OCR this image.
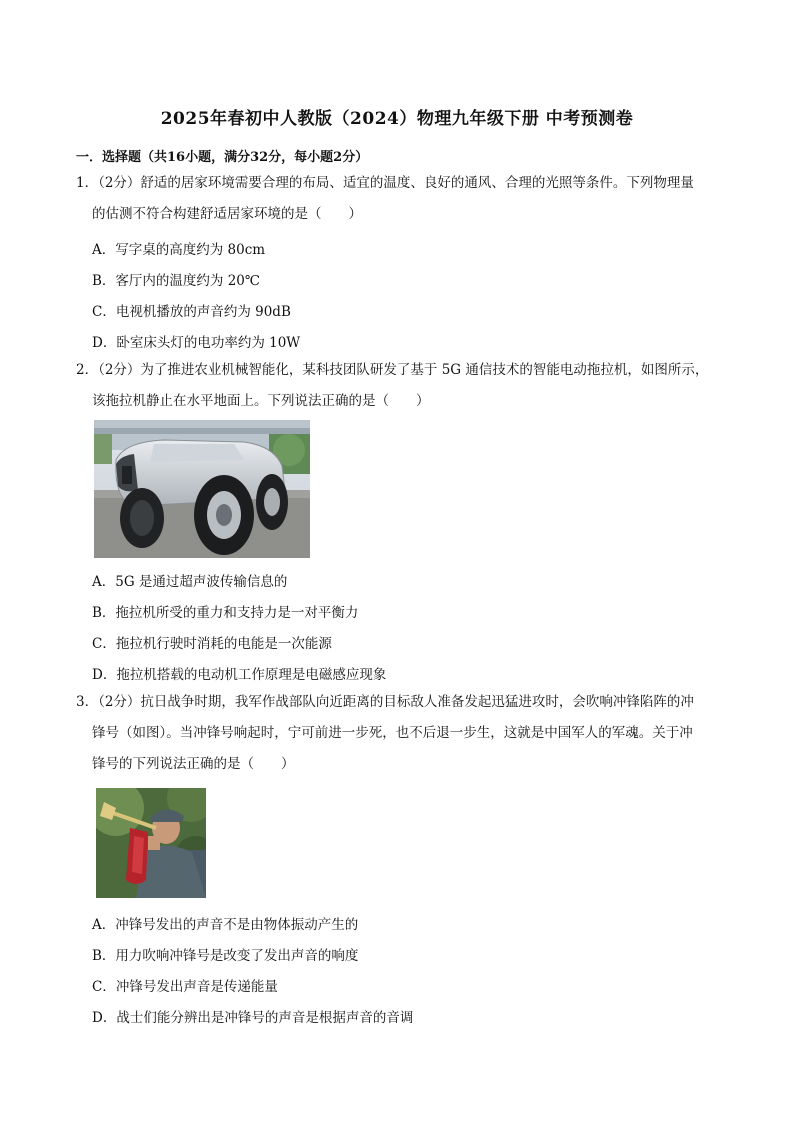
2025年春初中人教版（2024）物理九年级下册 中考预测卷
一．选择题（共16小题，满分32分，每小题2分）
1．（2分）舒适的居家环境需要合理的布局、适宜的温度、良好的通风、合理的光照等条件。下列物理量
的估测不符合构建舒适居家环境的是（　　）
A．写字桌的高度约为 80cm
B．客厅内的温度约为 20℃
C．电视机播放的声音约为 90dB
D．卧室床头灯的电功率约为 10W
2．（2分）为了推进农业机械智能化，某科技团队研发了基于 5G 通信技术的智能电动拖拉机，如图所示，
该拖拉机静止在水平地面上。下列说法正确的是（　　）
A．5G 是通过超声波传输信息的
B．拖拉机所受的重力和支持力是一对平衡力
C．拖拉机行驶时消耗的电能是一次能源
D．拖拉机搭载的电动机工作原理是电磁感应现象
3．（2分）抗日战争时期，我军作战部队向近距离的目标敌人准备发起迅猛进攻时，会吹响冲锋陷阵的冲
锋号（如图）。当冲锋号响起时，宁可前进一步死，也不后退一步生，这就是中国军人的军魂。关于冲
锋号的下列说法正确的是（　　）
A．冲锋号发出的声音不是由物体振动产生的
B．用力吹响冲锋号是改变了发出声音的响度
C．冲锋号发出声音是传递能量
D．战士们能分辨出是冲锋号的声音是根据声音的音调
